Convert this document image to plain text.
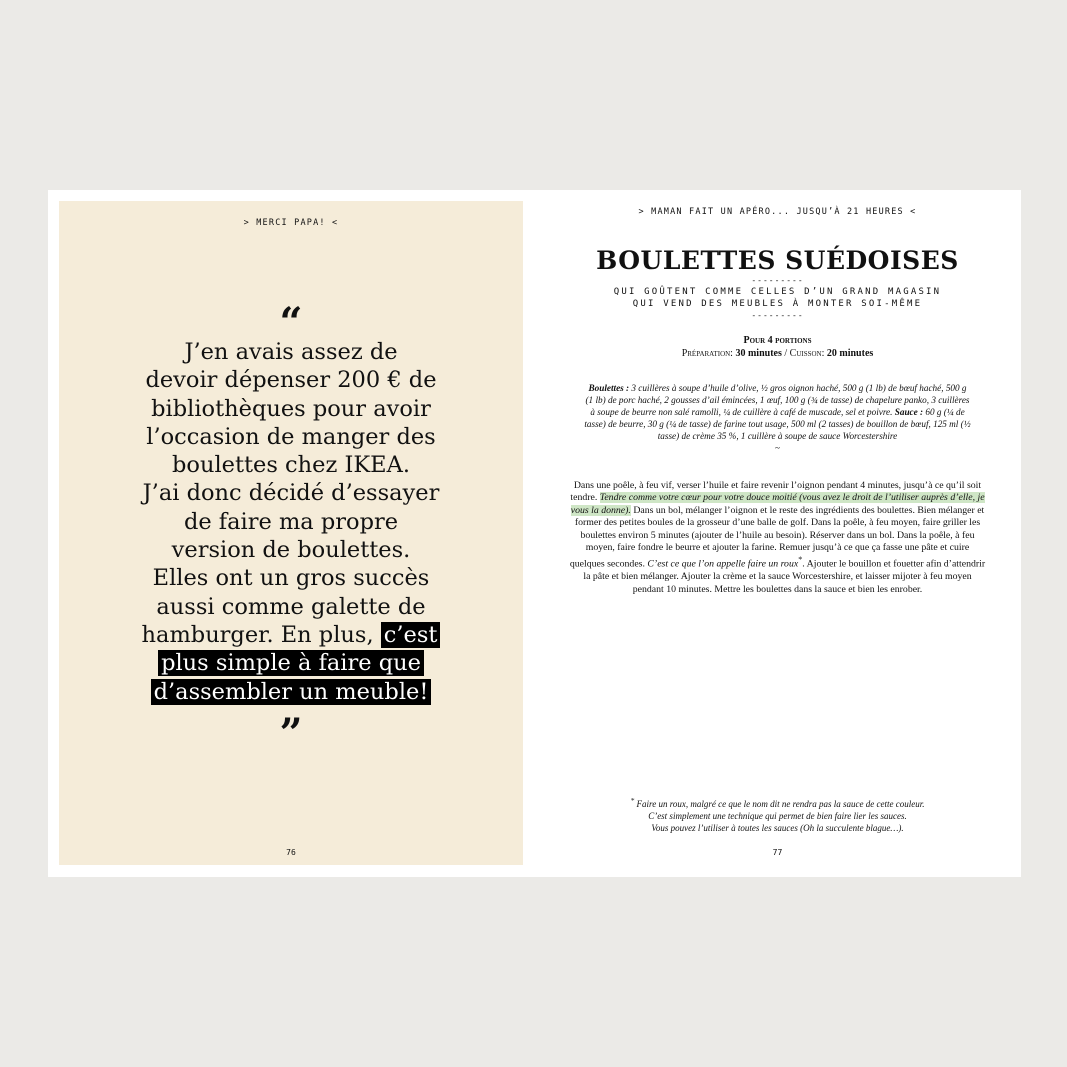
> MERCI PAPA! <
“
J’en avais assez de
devoir dépenser 200 € de
bibliothèques pour avoir
l’occasion de manger des
boulettes chez IKEA.
J’ai donc décidé d’essayer
de faire ma propre
version de boulettes.
Elles ont un gros succès
aussi comme galette de
hamburger. En plus, c’est
plus simple à faire que
d’assembler un meuble!
”
76
> MAMAN FAIT UN APÉRO... JUSQU’À 21 HEURES <
BOULETTES SUÉDOISES
---------
QUI GOÛTENT COMME CELLES D’UN GRAND MAGASIN
QUI VEND DES MEUBLES À MONTER SOI-MÊME
---------
Pour 4 portions
Préparation: 30 minutes / Cuisson: 20 minutes
Boulettes : 3 cuillères à soupe d’huile d’olive, ½ gros oignon haché, 500 g (1 lb) de bœuf haché, 500 g (1 lb) de porc haché, 2 gousses d’ail émincées, 1 œuf, 100 g (¾ de tasse) de chapelure panko, 3 cuillères à soupe de beurre non salé ramolli, ¼ de cuillère à café de muscade, sel et poivre. Sauce : 60 g (¼ de tasse) de beurre, 30 g (¼ de tasse) de farine tout usage, 500 ml (2 tasses) de bouillon de bœuf, 125 ml (½ tasse) de crème 35 %, 1 cuillère à soupe de sauce Worcestershire
~
Dans une poêle, à feu vif, verser l’huile et faire revenir l’oignon pendant 4 minutes, jusqu’à ce qu’il soit tendre. Tendre comme votre cœur pour votre douce moitié (vous avez le droit de l’utiliser auprès d’elle, je vous la donne). Dans un bol, mélanger l’oignon et le reste des ingrédients des boulettes. Bien mélanger et former des petites boules de la grosseur d’une balle de golf. Dans la poêle, à feu moyen, faire griller les boulettes environ 5 minutes (ajouter de l’huile au besoin). Réserver dans un bol. Dans la poêle, à feu moyen, faire fondre le beurre et ajouter la farine. Remuer jusqu’à ce que ça fasse une pâte et cuire quelques secondes. C’est ce que l’on appelle faire un roux*. Ajouter le bouillon et fouetter afin d’attendrir la pâte et bien mélanger. Ajouter la crème et la sauce Worcestershire, et laisser mijoter à feu moyen pendant 10 minutes. Mettre les boulettes dans la sauce et bien les enrober.
* Faire un roux, malgré ce que le nom dit ne rendra pas la sauce de cette couleur.
C’est simplement une technique qui permet de bien faire lier les sauces.
Vous pouvez l’utiliser à toutes les sauces (Oh la succulente blague…).
77
